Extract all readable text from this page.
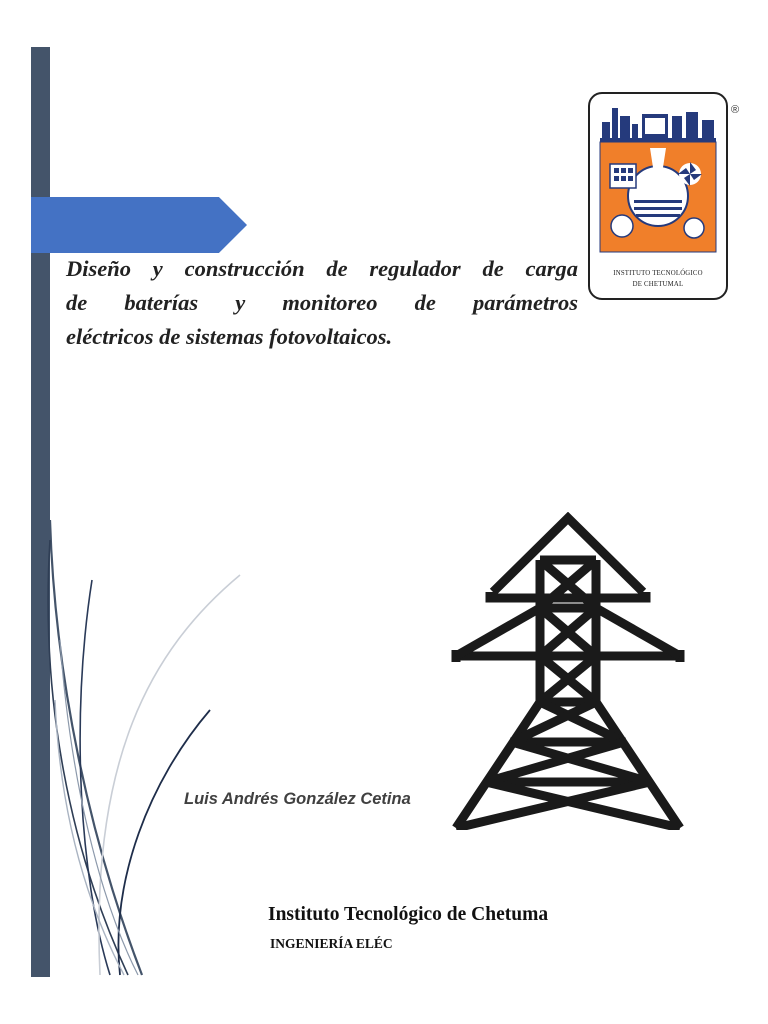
Diseño y construcción de regulador de carga
de baterías y monitoreo de parámetros
eléctricos de sistemas fotovoltaicos.
INSTITUTO TECNOLÓGICO
DE CHETUMAL
®
Luis Andrés González Cetina
Instituto Tecnológico de Chetuma
INGENIERÍA ELÉC
